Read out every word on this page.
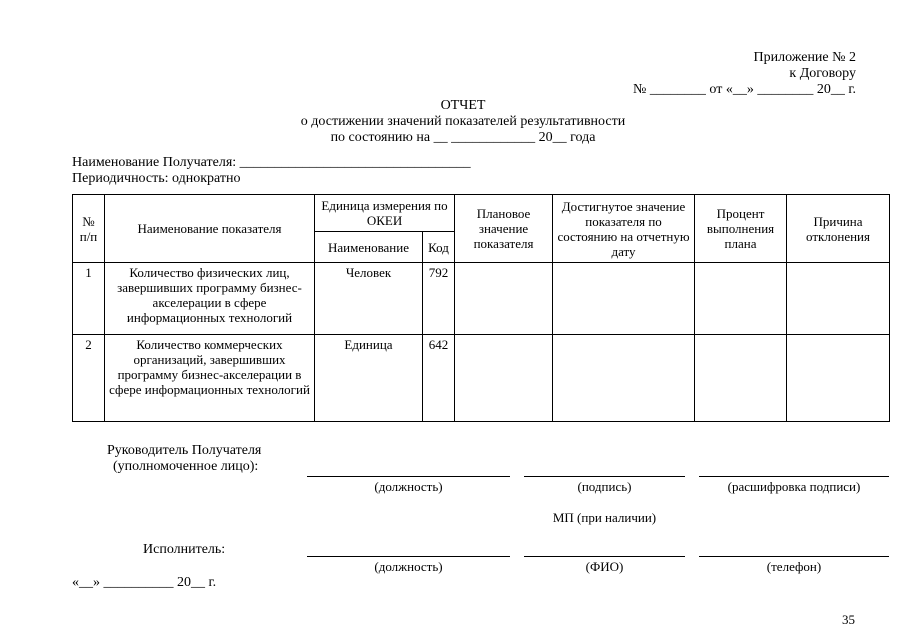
Приложение № 2
к Договору
№ ________ от «__» ________ 20__ г.
ОТЧЕТ
о достижении значений показателей результативности
по состоянию на __ ____________ 20__ года
Наименование Получателя: _________________________________
Периодичность: однократно
№ п/п	Наименование показателя	Единица измерения по ОКЕИ		Плановое значение показателя	Достигнутое значение показателя по состоянию на отчетную дату	Процент выполнения плана	Причина отклонения
		Наименование	Код				
1	Количество физических лиц, завершивших программу бизнес-акселерации в сфере информационных технологий	Человек	792				
2	Количество коммерческих организаций, завершивших программу бизнес-акселерации в сфере информационных технологий	Единица	642				
Руководитель Получателя
(уполномоченное лицо):
(должность)	(подпись)	(расшифровка подписи)
МП (при наличии)
Исполнитель:
(должность)	(ФИО)	(телефон)
«__» __________ 20__ г.
35
